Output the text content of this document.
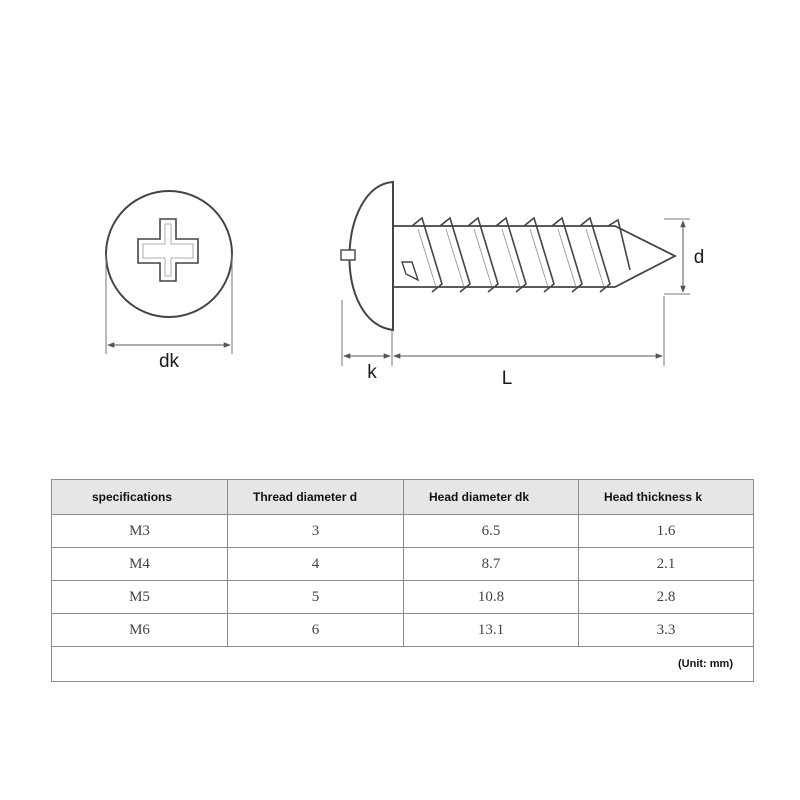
dk
d
k	L
specifications	Thread diameter d	Head diameter dk	Head thickness k
M3	3	6.5	1.6
M4	4	8.7	2.1
M5	5	10.8	2.8
M6	6	13.1	3.3
(Unit: mm)			
